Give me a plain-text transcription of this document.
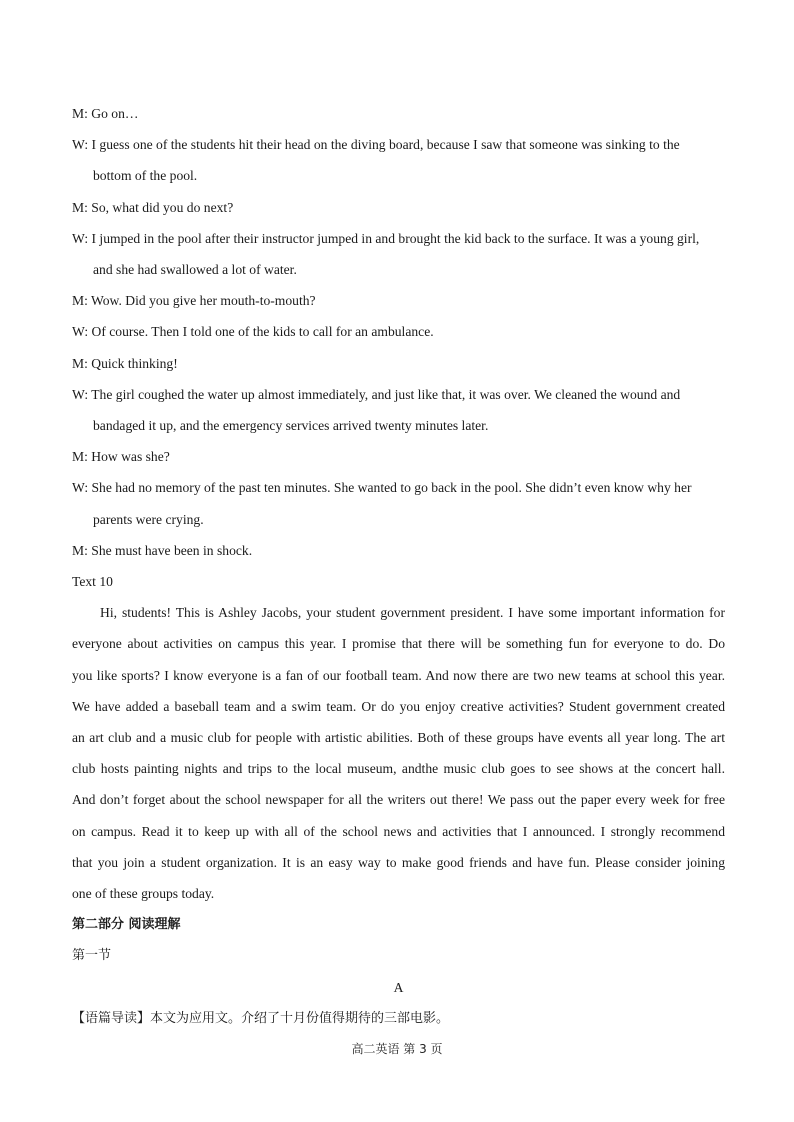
M: Go on…

W: I guess one of the students hit their head on the diving board, because I saw that someone was sinking to the

bottom of the pool.

M: So, what did you do next?

W: I jumped in the pool after their instructor jumped in and brought the kid back to the surface. It was a young girl,

and she had swallowed a lot of water.

M: Wow. Did you give her mouth-to-mouth?

W: Of course. Then I told one of the kids to call for an ambulance.

M: Quick thinking!

W: The girl coughed the water up almost immediately, and just like that, it was over. We cleaned the wound and

bandaged it up, and the emergency services arrived twenty minutes later.

M: How was she?

W: She had no memory of the past ten minutes. She wanted to go back in the pool. She didn’t even know why her

parents were crying.

M: She must have been in shock.

Text 10

Hi, students! This is Ashley Jacobs, your student government president. I have some important information for
everyone about activities on campus this year. I promise that there will be something fun for everyone to do. Do
you like sports? I know everyone is a fan of our football team. And now there are two new teams at school this year.
We have added a baseball team and a swim team. Or do you enjoy creative activities? Student government created
an art club and a music club for people with artistic abilities. Both of these groups have events all year long. The art
club hosts painting nights and trips to the local museum, andthe music club goes to see shows at the concert hall.
And don’t forget about the school newspaper for all the writers out there! We pass out the paper every week for free
on campus. Read it to keep up with all of the school news and activities that I announced. I strongly recommend
that you join a student organization. It is an easy way to make good friends and have fun. Please consider joining
one of these groups today.

第二部分 阅读理解

第一节

A

【语篇导读】本文为应用文。介绍了十月份值得期待的三部电影。

高二英语 第 3 页
